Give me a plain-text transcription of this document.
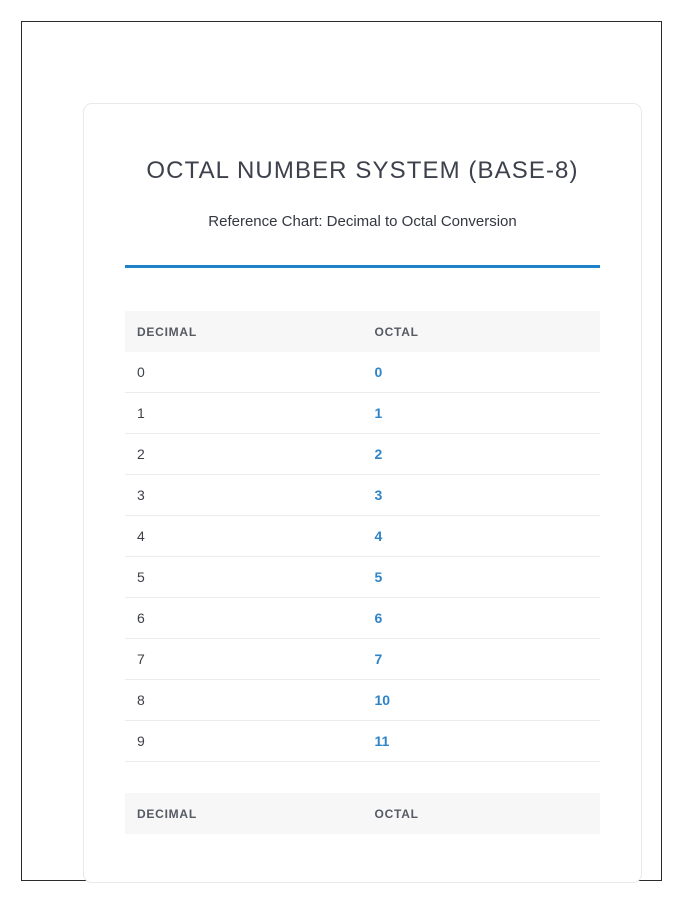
OCTAL NUMBER SYSTEM (BASE-8)

Reference Chart: Decimal to Octal Conversion

DECIMAL	OCTAL
0	0
1	1
2	2
3	3
4	4
5	5
6	6
7	7
8	10
9	11
DECIMAL	OCTAL
